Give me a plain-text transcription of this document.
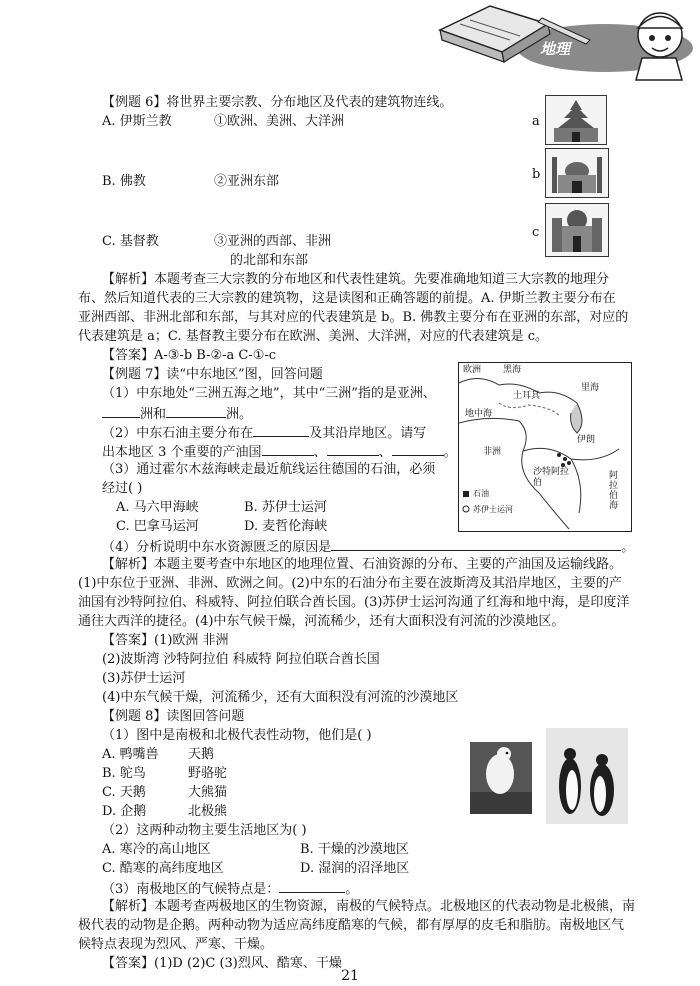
地理
【例题 6】将世界主要宗教、分布地区及代表的建筑物连线。
A. 伊斯兰教	①欧洲、美洲、大洋洲
B. 佛教	②亚洲东部
C. 基督教	③亚洲的西部、非洲
的北部和东部
a
b
c
【解析】本题考查三大宗教的分布地区和代表性建筑。先要准确地知道三大宗教的地理分
布、然后知道代表的三大宗教的建筑物，这是读图和正确答题的前提。A. 伊斯兰教主要分布在
亚洲西部、非洲北部和东部，与其对应的代表建筑是 b。B. 佛教主要分布在亚洲的东部，对应的
代表建筑是 a；C. 基督教主要分布在欧洲、美洲、大洋洲，对应的代表建筑是 c。
【答案】A-③-b B-②-a C-①-c
【例题 7】读“中东地区”图，回答问题
（1）中东地处“三洲五海之地”，其中“三洲”指的是亚洲、
洲和	洲。
（2）中东石油主要分布在	及其沿岸地区。请写
出本地区 3 个重要的产油国	、	、	。
（3）通过霍尔木兹海峡走最近航线运往德国的石油，必须
经过( )
A. 马六甲海峡	B. 苏伊士运河
C. 巴拿马运河	D. 麦哲伦海峡
（4）分析说明中东水资源匮乏的原因是	。
欧洲 黑海
里海
土耳其
地中海
伊朗
沙特阿拉伯
非洲
阿拉伯海
石油
苏伊士运河
【解析】本题主要考查中东地区的地理位置、石油资源的分布、主要的产油国及运输线路。
(1)中东位于亚洲、非洲、欧洲之间。(2)中东的石油分布主要在波斯湾及其沿岸地区，主要的产
油国有沙特阿拉伯、科威特、阿拉伯联合酋长国。(3)苏伊士运河沟通了红海和地中海，是印度洋
通往大西洋的捷径。(4)中东气候干燥，河流稀少，还有大面积没有河流的沙漠地区。
【答案】(1)欧洲 非洲
(2)波斯湾 沙特阿拉伯 科威特 阿拉伯联合酋长国
(3)苏伊士运河
(4)中东气候干燥，河流稀少，还有大面积没有河流的沙漠地区
【例题 8】读图回答问题
（1）图中是南极和北极代表性动物，他们是( )
A. 鸭嘴兽 天鹅
B. 鸵鸟	野骆驼
C. 天鹅	大熊猫
D. 企鹅	北极熊
（2）这两种动物主要生活地区为( )
A. 寒冷的高山地区	B. 干燥的沙漠地区
C. 酷寒的高纬度地区	D. 湿润的沼泽地区
（3）南极地区的气候特点是：	。
【解析】本题考查两极地区的生物资源，南极的气候特点。北极地区的代表动物是北极熊，南
极代表的动物是企鹅。两种动物为适应高纬度酷寒的气候，都有厚厚的皮毛和脂肪。南极地区气
候特点表现为烈风、严寒、干燥。
【答案】(1)D (2)C (3)烈风、酷寒、干燥
21
